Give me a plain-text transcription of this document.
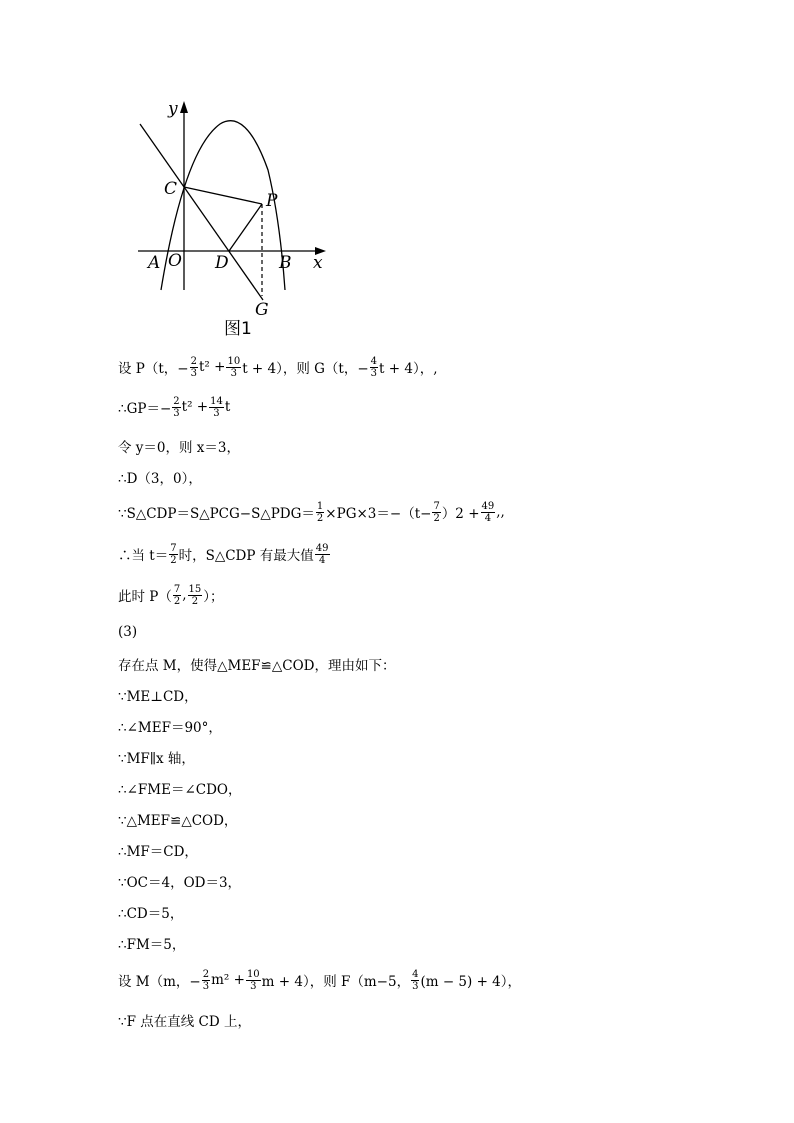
y
x
C
P
A O D	B
G
图1
设 P（t，− $\frac{2}{3} t^2 + \frac{10}{3}$ t + 4），则 G（t，− $\frac{4}{3}$ t + 4），,
∴GP＝− $\frac{2}{3} t^2 + \frac{14}{3}$ t
令 y＝0，则 x＝3，
∴D（3，0），
∵S△CDP＝S△PCG−S△PDG＝ $\frac{1}{2} \times PG\times 3=-(t- \frac{7}{2} )2 + \frac{49}{4}$ ,,
∴当 $t= \frac{7}{2}$ 时，S△CDP 有最大值 $\frac{49}{4}$
此时 $P( \frac{7}{2}$ , $\frac{15}{2}$ ）；
(3)
存在点 M，使得△MEF≌△COD，理由如下：
∵ME⊥CD，
∴∠MEF＝90°，
∵MF∥x 轴，
∴∠FME＝∠CDO，
∵△MEF≌△COD，
∴MF＝CD，
∵OC＝4，OD＝3，
∴CD＝5，
∴FM＝5，
设 M（m，− $\frac{2}{3} m^2 + \frac{10}{3}$ m + 4），则 F（m−5， $\frac{4}{3} (m - 5) + 4$），
∵F 点在直线 CD 上，
